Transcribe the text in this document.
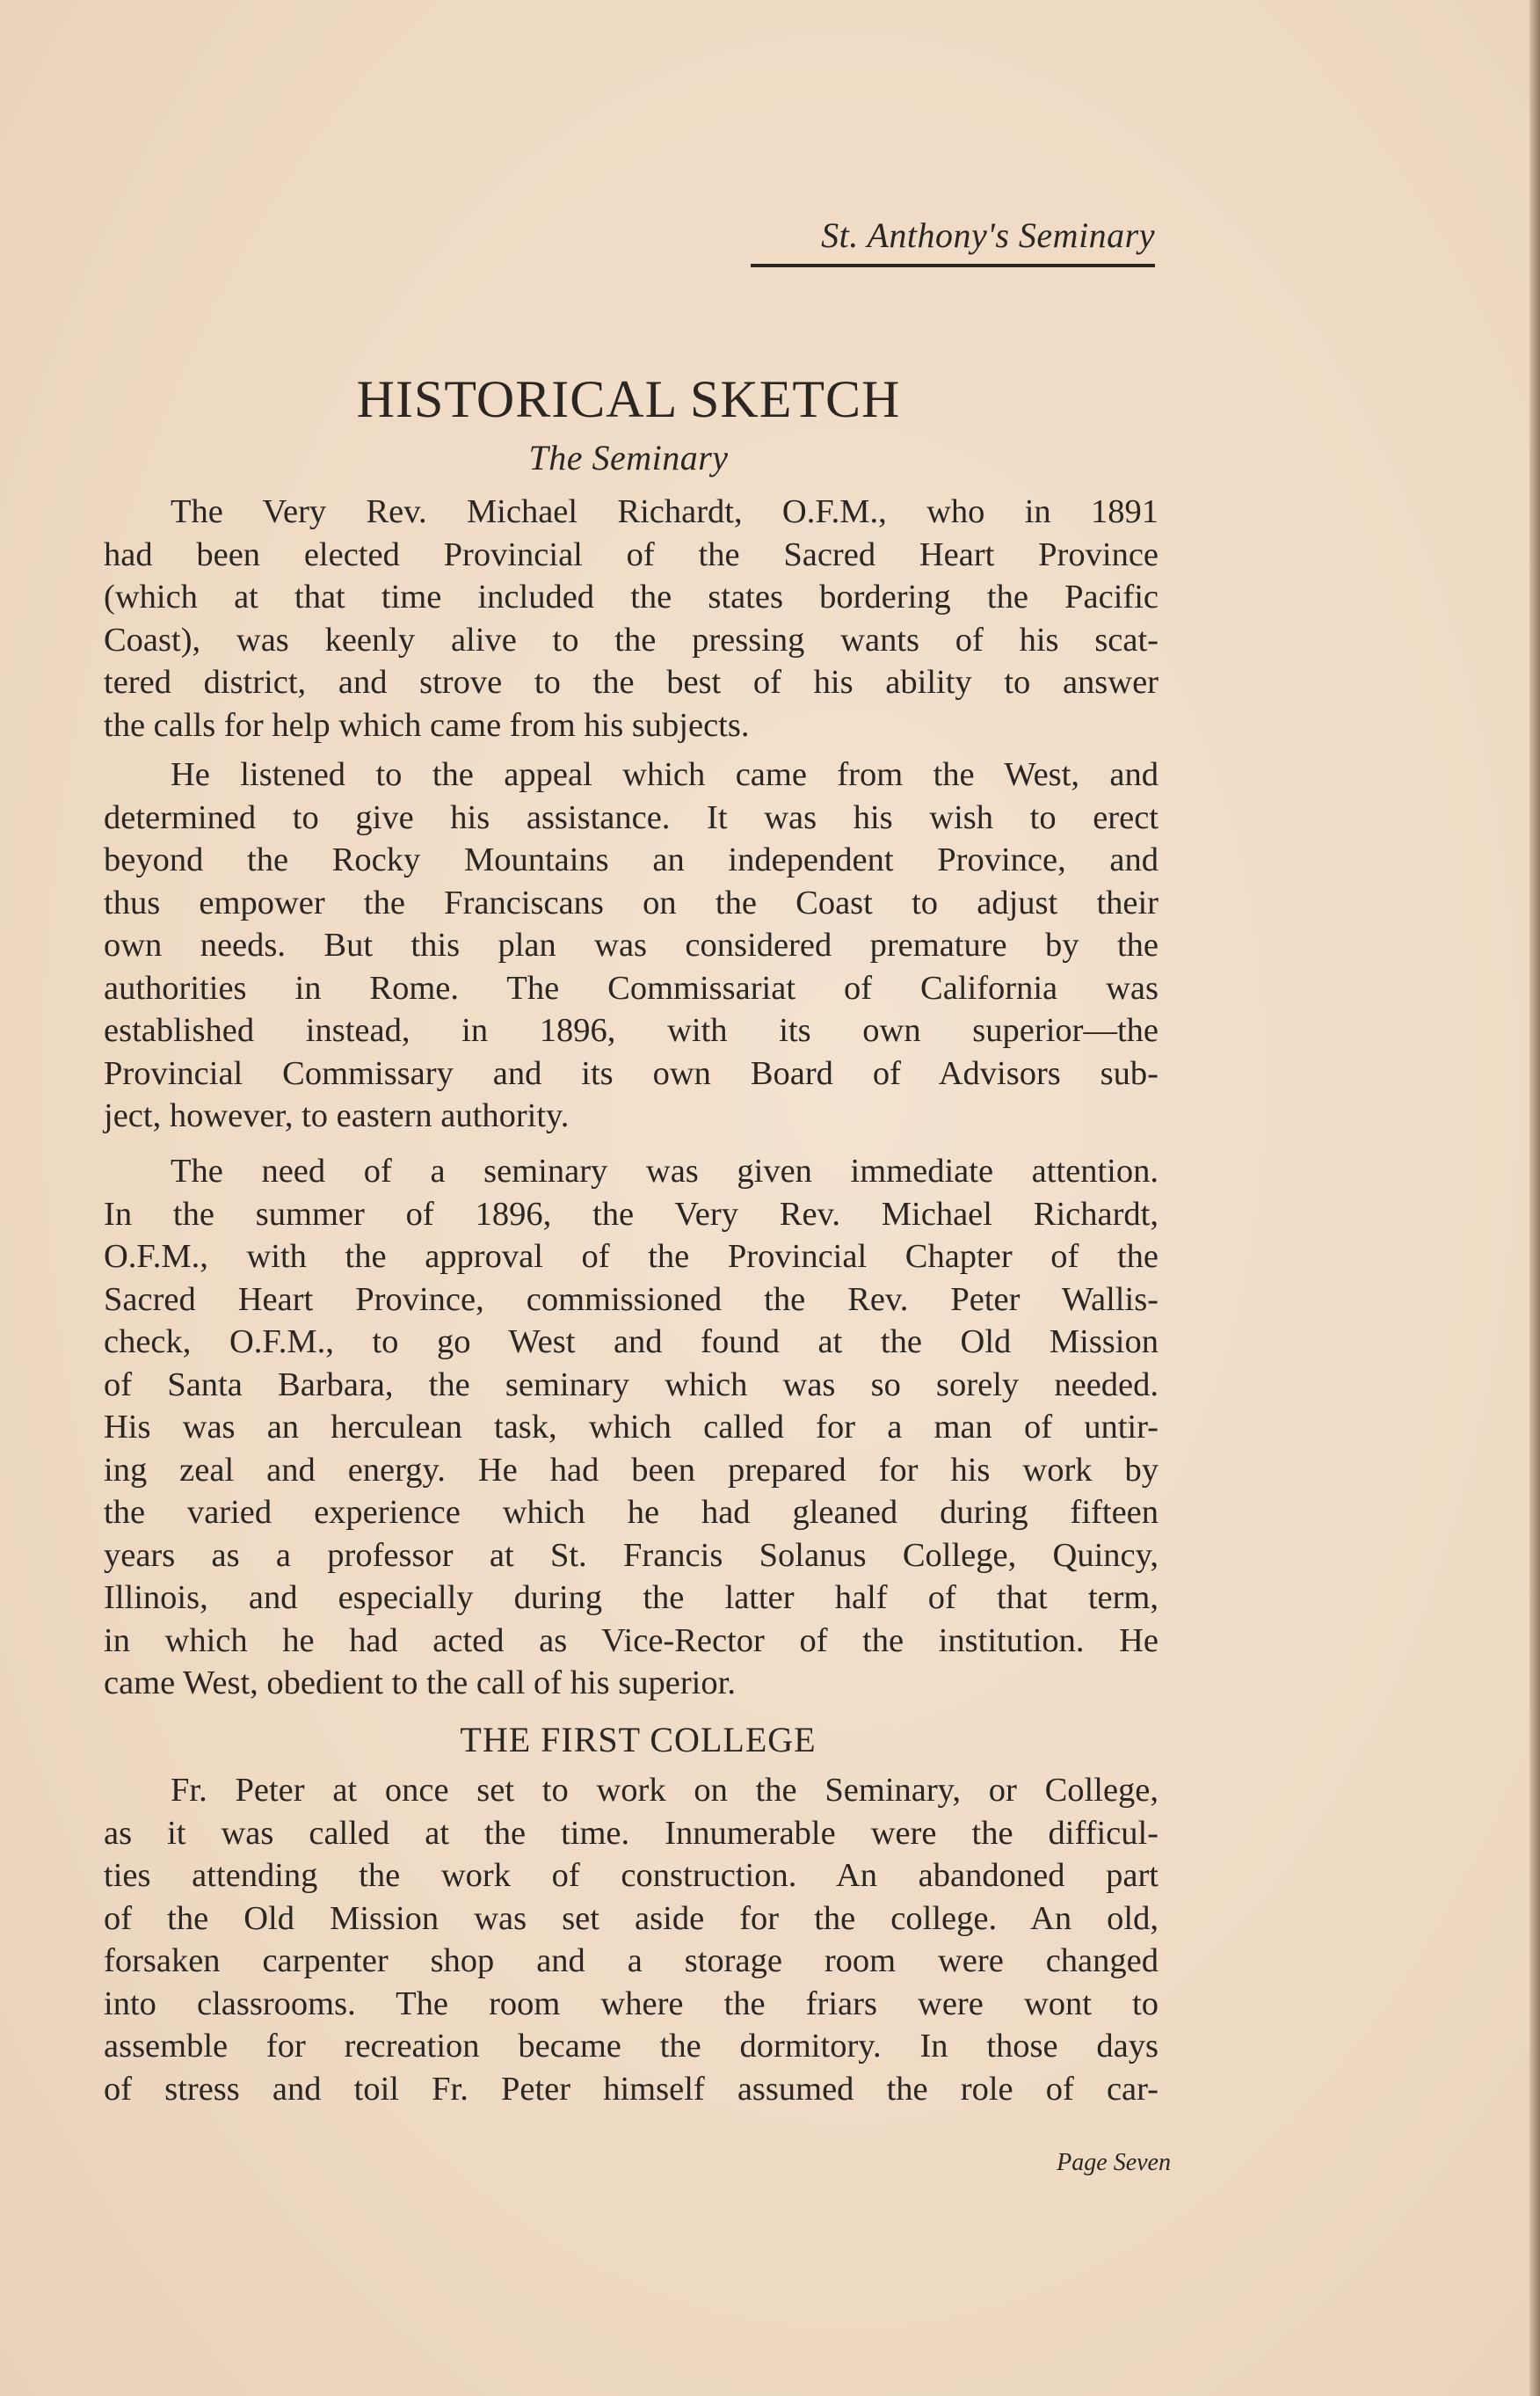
St. Anthony's Seminary
HISTORICAL SKETCH
The Seminary
The Very Rev. Michael Richardt, O.F.M., who in 1891
had been elected Provincial of the Sacred Heart Province
(which at that time included the states bordering the Pacific
Coast), was keenly alive to the pressing wants of his scat-
tered district, and strove to the best of his ability to answer
the calls for help which came from his subjects.
He listened to the appeal which came from the West, and
determined to give his assistance. It was his wish to erect
beyond the Rocky Mountains an independent Province, and
thus empower the Franciscans on the Coast to adjust their
own needs. But this plan was considered premature by the
authorities in Rome. The Commissariat of California was
established instead, in 1896, with its own superior—the
Provincial Commissary and its own Board of Advisors sub-
ject, however, to eastern authority.
The need of a seminary was given immediate attention.
In the summer of 1896, the Very Rev. Michael Richardt,
O.F.M., with the approval of the Provincial Chapter of the
Sacred Heart Province, commissioned the Rev. Peter Wallis-
check, O.F.M., to go West and found at the Old Mission
of Santa Barbara, the seminary which was so sorely needed.
His was an herculean task, which called for a man of untir-
ing zeal and energy. He had been prepared for his work by
the varied experience which he had gleaned during fifteen
years as a professor at St. Francis Solanus College, Quincy,
Illinois, and especially during the latter half of that term,
in which he had acted as Vice-Rector of the institution. He
came West, obedient to the call of his superior.
THE FIRST COLLEGE
Fr. Peter at once set to work on the Seminary, or College,
as it was called at the time. Innumerable were the difficul-
ties attending the work of construction. An abandoned part
of the Old Mission was set aside for the college. An old,
forsaken carpenter shop and a storage room were changed
into classrooms. The room where the friars were wont to
assemble for recreation became the dormitory. In those days
of stress and toil Fr. Peter himself assumed the role of car-
Page Seven
